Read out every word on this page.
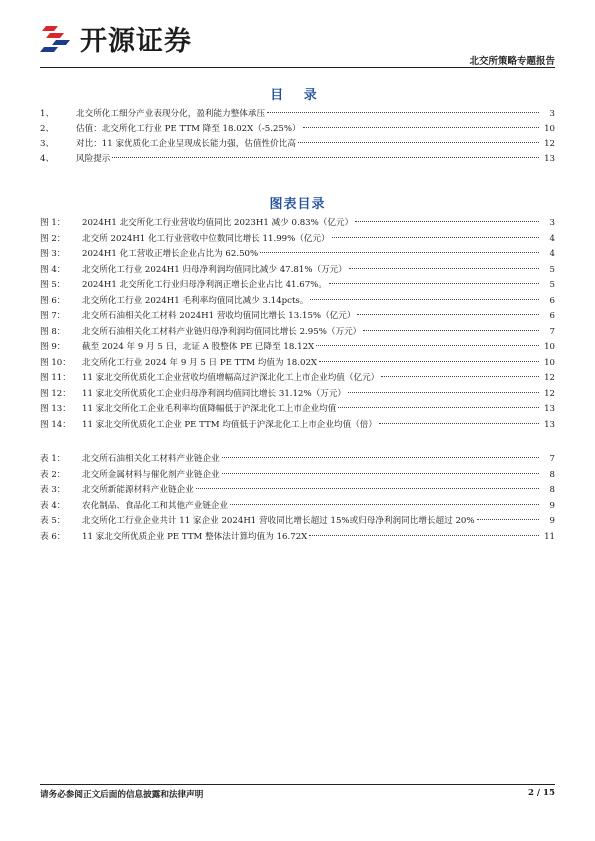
开源证券
北交所策略专题报告
目 录
1、	北交所化工细分产业表现分化，盈利能力整体承压	3
2、	估值：北交所化工行业 PE TTM 降至 18.02X（-5.25%）	10
3、	对比：11 家优质化工企业呈现成长能力强，估值性价比高	12
4、	风险提示	13
图表目录
图 1：	2024H1 北交所化工行业营收均值同比 2023H1 减少 0.83%（亿元）	3
图 2：	北交所 2024H1 化工行业营收中位数同比增长 11.99%（亿元）	4
图 3：	2024H1 化工营收正增长企业占比为 62.50%	4
图 4：	北交所化工行业 2024H1 归母净利润均值同比减少 47.81%（万元）	5
图 5：	2024H1 北交所化工行业归母净利润正增长企业占比 41.67%。	5
图 6：	北交所化工行业 2024H1 毛利率均值同比减少 3.14pcts。	6
图 7：	北交所石油相关化工材料 2024H1 营收均值同比增长 13.15%（亿元）	6
图 8：	北交所石油相关化工材料产业链归母净利润均值同比增长 2.95%（万元）	7
图 9：	截至 2024 年 9 月 5 日，北证 A 股整体 PE 已降至 18.12X	10
图 10：	北交所化工行业 2024 年 9 月 5 日 PE TTM 均值为 18.02X	10
图 11：	11 家北交所优质化工企业营收均值增幅高过沪深北化工上市企业均值（亿元）	12
图 12：	11 家北交所优质化工企业归母净利润均值同比增长 31.12%（万元）	12
图 13：	11 家北交所化工企业毛利率均值降幅低于沪深北化工上市企业均值	13
图 14：	11 家北交所优质化工企业 PE TTM 均值低于沪深北化工上市企业均值（倍）	13
表 1：	北交所石油相关化工材料产业链企业	7
表 2：	北交所金属材料与催化剂产业链企业	8
表 3：	北交所新能源材料产业链企业	8
表 4：	农化制品、食品化工和其他产业链企业	9
表 5：	北交所化工行业企业共计 11 家企业 2024H1 营收同比增长超过 15%或归母净利润同比增长超过 20%	9
表 6：	11 家北交所优质企业 PE TTM 整体法计算均值为 16.72X	11
请务必参阅正文后面的信息披露和法律声明	2 / 15
